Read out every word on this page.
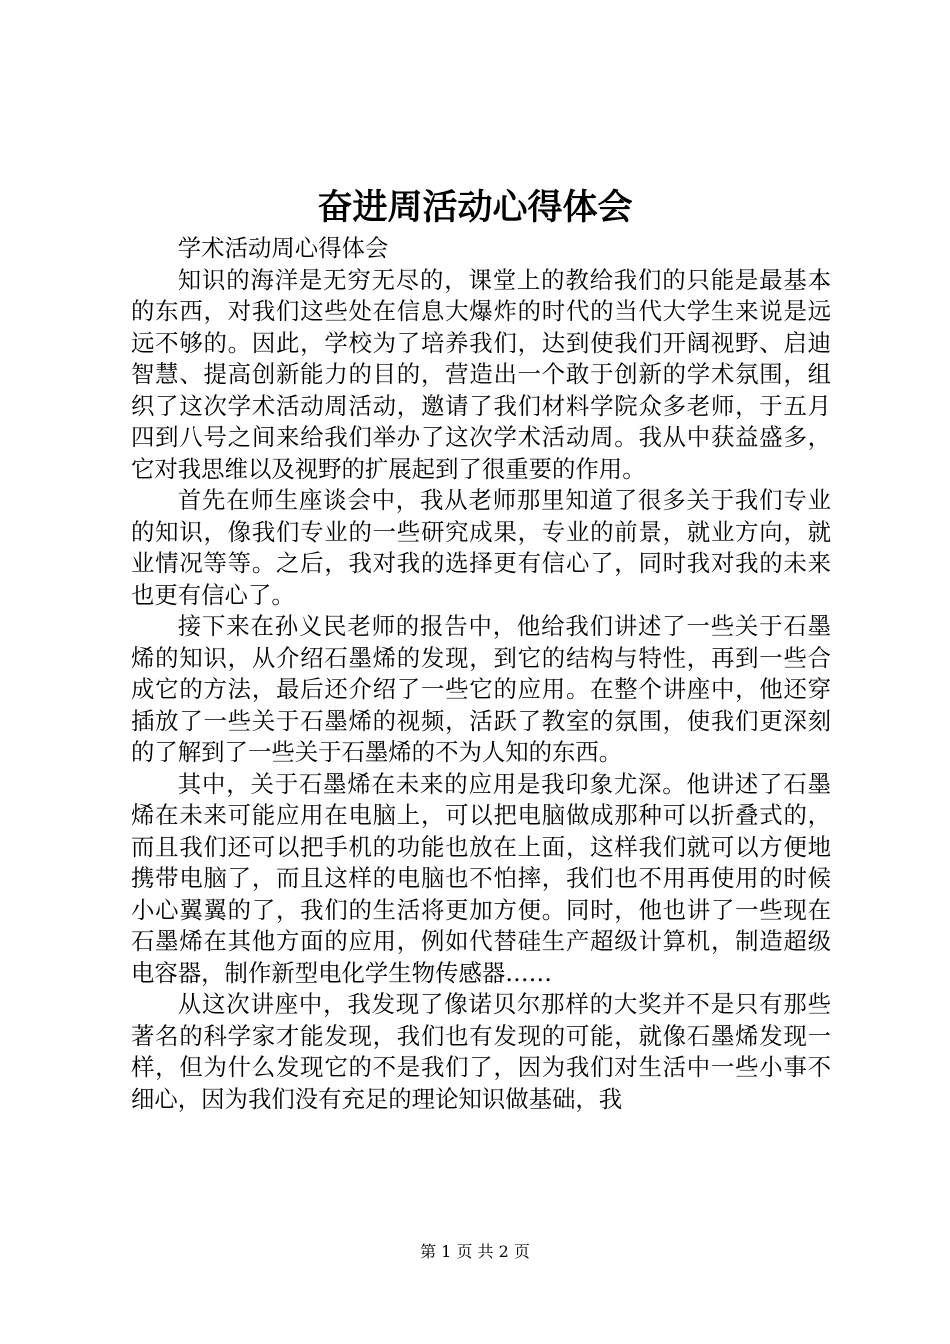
奋进周活动心得体会

学术活动周心得体会

知识的海洋是无穷无尽的，课堂上的教给我们的只能是最基本的东西，对我们这些处在信息大爆炸的时代的当代大学生来说是远远不够的。因此，学校为了培养我们，达到使我们开阔视野、启迪智慧、提高创新能力的目的，营造出一个敢于创新的学术氛围，组织了这次学术活动周活动，邀请了我们材料学院众多老师，于五月四到八号之间来给我们举办了这次学术活动周。我从中获益盛多，它对我思维以及视野的扩展起到了很重要的作用。

首先在师生座谈会中，我从老师那里知道了很多关于我们专业的知识，像我们专业的一些研究成果，专业的前景，就业方向，就业情况等等。之后，我对我的选择更有信心了，同时我对我的未来也更有信心了。

接下来在孙义民老师的报告中，他给我们讲述了一些关于石墨烯的知识，从介绍石墨烯的发现，到它的结构与特性，再到一些合成它的方法，最后还介绍了一些它的应用。在整个讲座中，他还穿插放了一些关于石墨烯的视频，活跃了教室的氛围，使我们更深刻的了解到了一些关于石墨烯的不为人知的东西。

其中，关于石墨烯在未来的应用是我印象尤深。他讲述了石墨烯在未来可能应用在电脑上，可以把电脑做成那种可以折叠式的，而且我们还可以把手机的功能也放在上面，这样我们就可以方便地携带电脑了，而且这样的电脑也不怕摔，我们也不用再使用的时候小心翼翼的了，我们的生活将更加方便。同时，他也讲了一些现在石墨烯在其他方面的应用，例如代替硅生产超级计算机，制造超级电容器，制作新型电化学生物传感器……

从这次讲座中，我发现了像诺贝尔那样的大奖并不是只有那些著名的科学家才能发现，我们也有发现的可能，就像石墨烯发现一样，但为什么发现它的不是我们了，因为我们对生活中一些小事不细心，因为我们没有充足的理论知识做基础，我

第 1 页 共 2 页
